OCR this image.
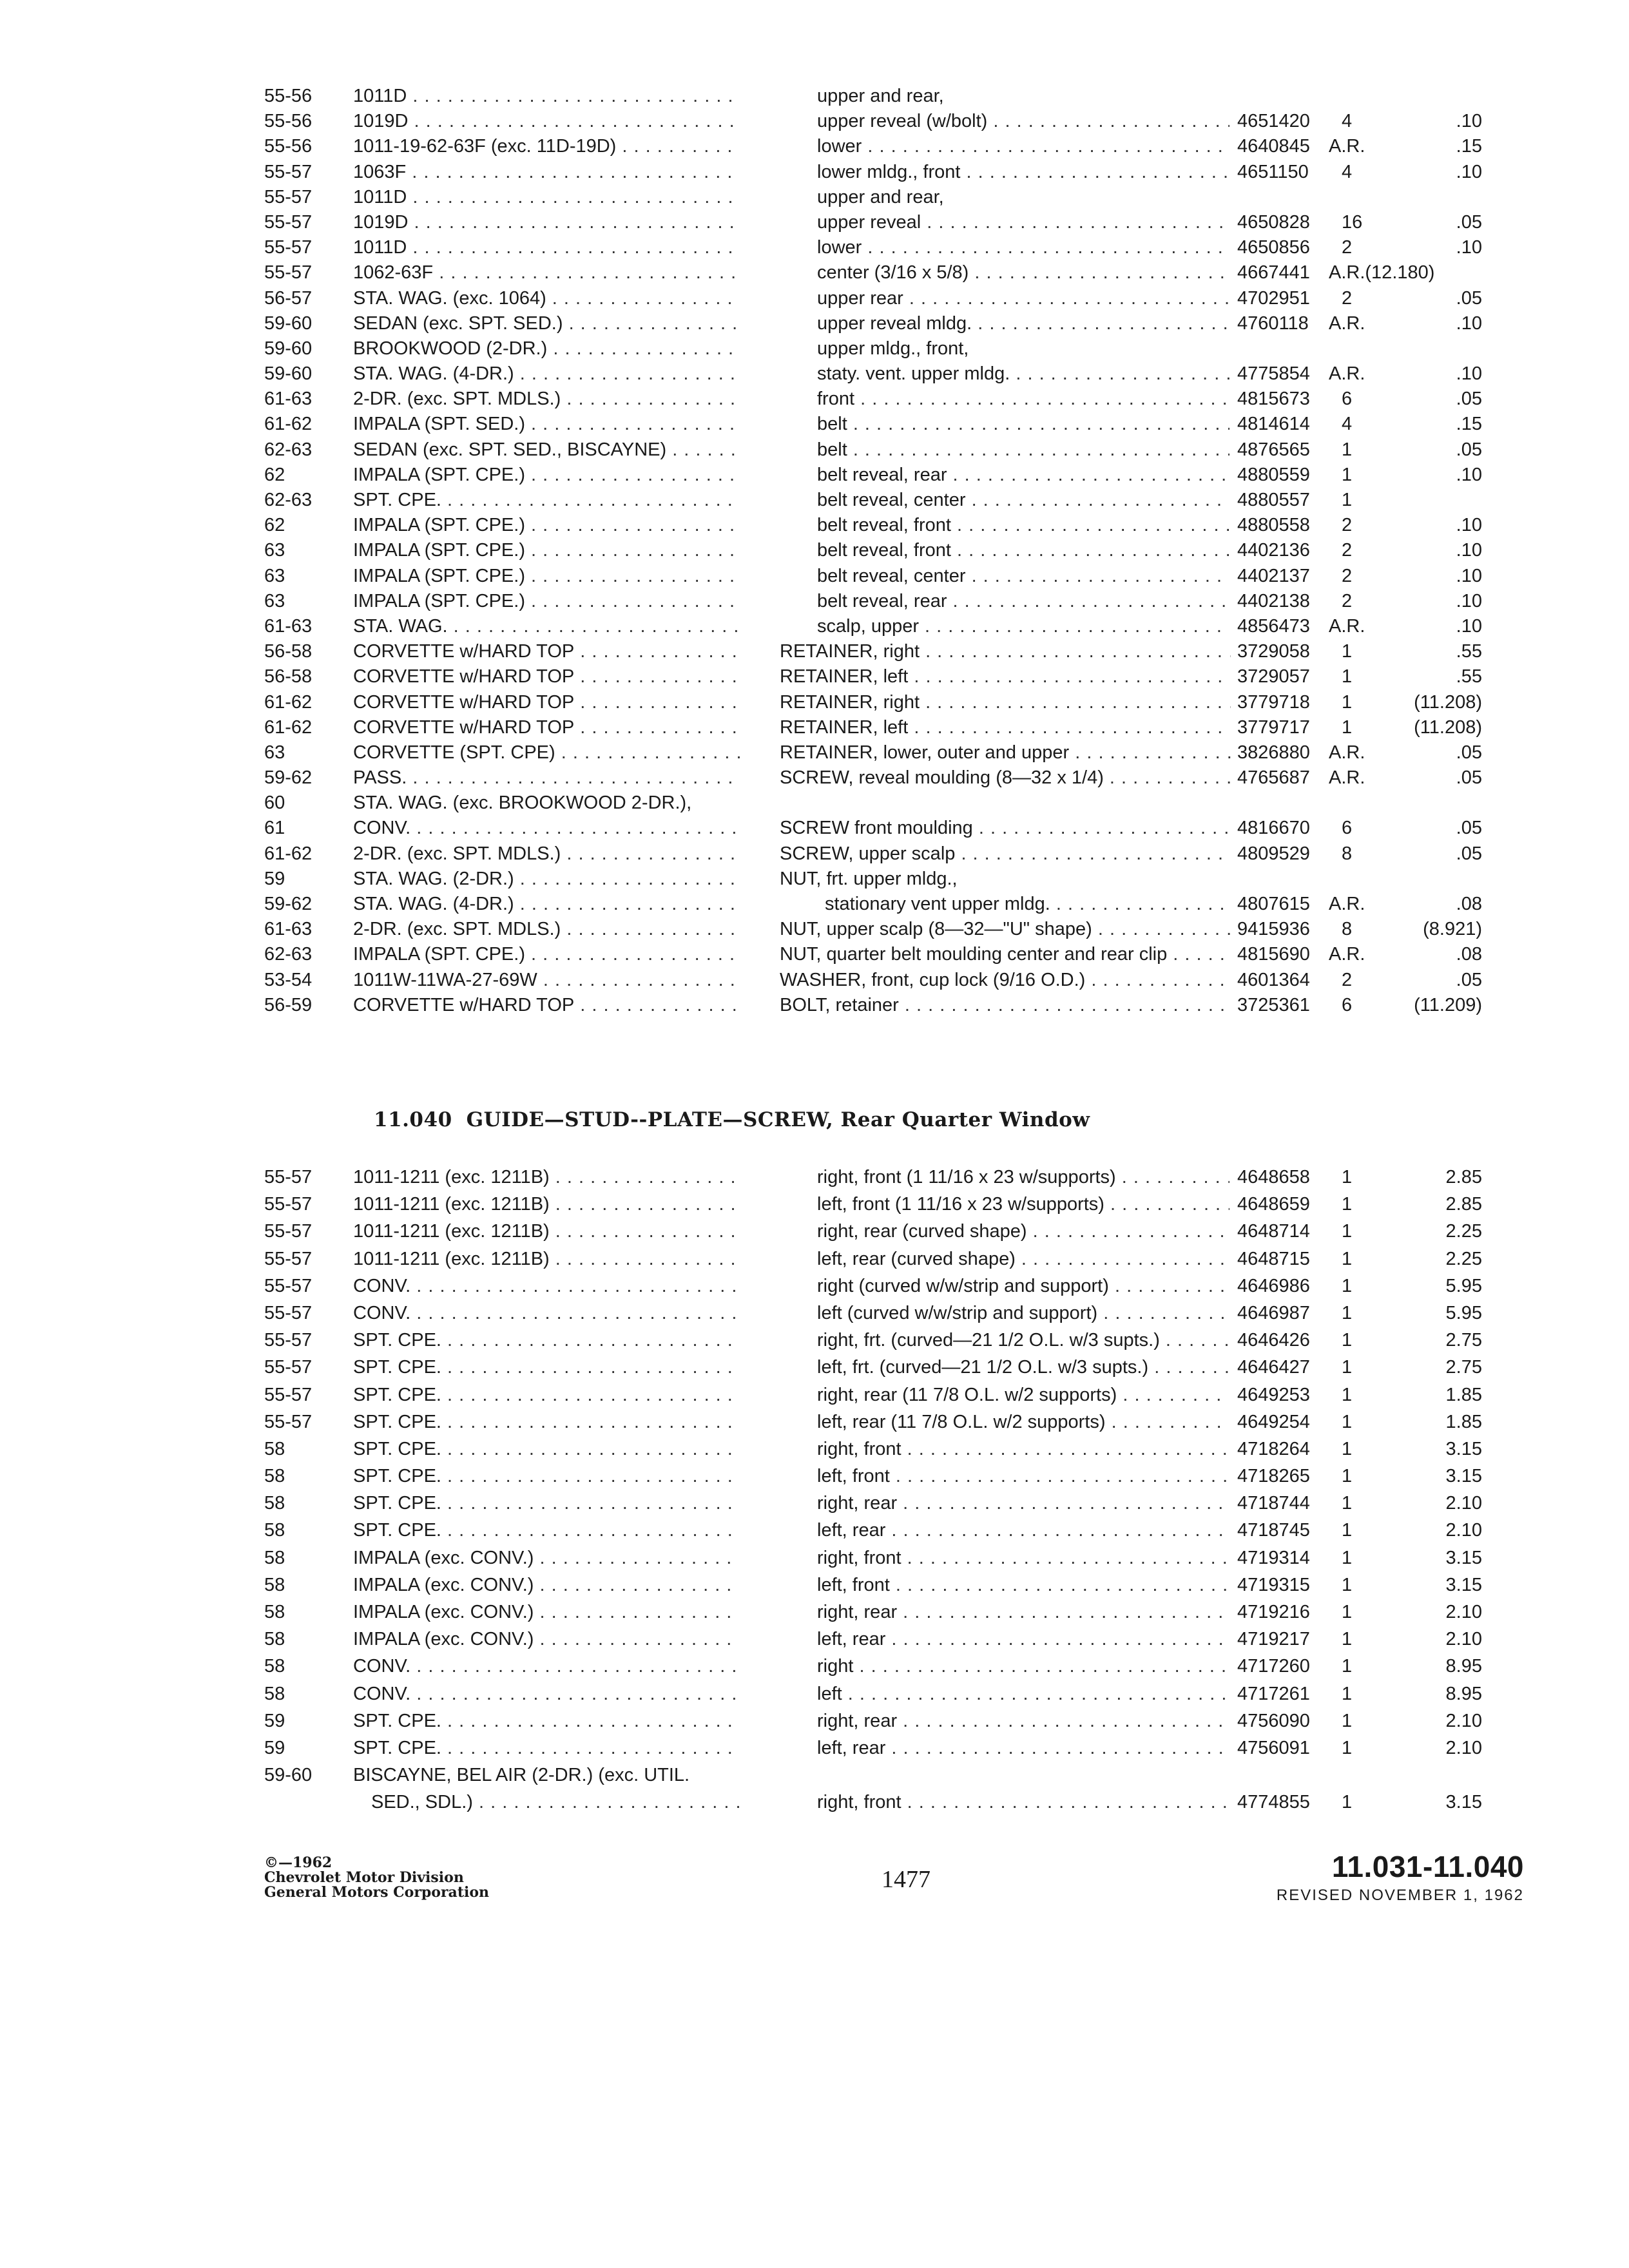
55-56 1011D . . .	upper and rear,
55-56 1019D . . .	upper reveal (w/bolt) . . .	4651420 4	.10
55-56 1011-19-62-63F (exc. 11D-19D) . . .	lower . . .	4640845 A.R.	.15
55-57 1063F . . .	lower mldg., front . . .	4651150 4	.10
55-57 1011D . . .	upper and rear,
55-57 1019D . . .	upper reveal . . .	4650828 16	.05
55-57 1011D . . .	lower . . .	4650856 2	.10
55-57 1062-63F . . .	center (3/16 x 5/8) . . .	4667441 A.R.(12.180)
56-57 STA. WAG. (exc. 1064) . . .	upper rear . . .	4702951 2	.05
59-60 SEDAN (exc. SPT. SED.) . . .	upper reveal mldg. . . .	4760118 A.R.	.10
59-60 BROOKWOOD (2-DR.) . . .	upper mldg., front,
59-60 STA. WAG. (4-DR.) . . .	staty. vent. upper mldg. . . .	4775854 A.R.	.10
61-63 2-DR. (exc. SPT. MDLS.) . . .	front . . .	4815673 6	.05
61-62 IMPALA (SPT. SED.) . . .	belt . . .	4814614 4	.15
62-63 SEDAN (exc. SPT. SED., BISCAYNE) . . .	belt . . .	4876565 1	.05
62	IMPALA (SPT. CPE.) . . .	belt reveal, rear . . .	4880559 1	.10
62-63 SPT. CPE. . . .	belt reveal, center . . .	4880557 1
62	IMPALA (SPT. CPE.) . . .	belt reveal, front . . .	4880558 2	.10
63	IMPALA (SPT. CPE.) . . .	belt reveal, front . . .	4402136 2	.10
63	IMPALA (SPT. CPE.) . . .	belt reveal, center . . .	4402137 2	.10
63	IMPALA (SPT. CPE.) . . .	belt reveal, rear . . .	4402138 2	.10
61-63 STA. WAG. . . .	scalp, upper . . .	4856473 A.R.	.10
56-58 CORVETTE w/HARD TOP . . .	RETAINER, right . . .	3729058 1	.55
56-58 CORVETTE w/HARD TOP . . .	RETAINER, left . . .	3729057 1	.55
61-62 CORVETTE w/HARD TOP . . .	RETAINER, right . . .	3779718 1	(11.208)
61-62 CORVETTE w/HARD TOP . . .	RETAINER, left . . .	3779717 1	(11.208)
63	CORVETTE (SPT. CPE) . . .	RETAINER, lower, outer and upper . . .	3826880 A.R.	.05
59-62 PASS. . . .	SCREW, reveal moulding (8—32 x 1/4) . . .	4765687 A.R.	.05
60	STA. WAG. (exc. BROOKWOOD 2-DR.),
61	CONV. . . .	SCREW front moulding . . .	4816670 6	.05
61-62 2-DR. (exc. SPT. MDLS.) . . .	SCREW, upper scalp . . .	4809529 8	.05
59	STA. WAG. (2-DR.) . . .	NUT, frt. upper mldg.,
59-62 STA. WAG. (4-DR.) . . .	stationary vent upper mldg. . . .	4807615 A.R.	.08
61-63 2-DR. (exc. SPT. MDLS.) . . .	NUT, upper scalp (8—32—"U" shape) . . .	9415936 8	(8.921)
62-63 IMPALA (SPT. CPE.) . . .	NUT, quarter belt moulding center and rear clip . . .	4815690 A.R.	.08
53-54 1011W-11WA-27-69W . . .	WASHER, front, cup lock (9/16 O.D.) . . .	4601364 2	.05
56-59 CORVETTE w/HARD TOP . . .	BOLT, retainer . . .	3725361 6	(11.209)
11.040 GUIDE—STUD--PLATE—SCREW, Rear Quarter Window
55-57 1011-1211 (exc. 1211B) . . .	right, front (1 11/16 x 23 w/supports) . . .	4648658 1	2.85
55-57 1011-1211 (exc. 1211B) . . .	left, front (1 11/16 x 23 w/supports) . . .	4648659 1	2.85
55-57 1011-1211 (exc. 1211B) . . .	right, rear (curved shape) . . .	4648714 1	2.25
55-57 1011-1211 (exc. 1211B) . . .	left, rear (curved shape) . . .	4648715 1	2.25
55-57 CONV. . . .	right (curved w/w/strip and support) . . .	4646986 1	5.95
55-57 CONV. . . .	left (curved w/w/strip and support) . . .	4646987 1	5.95
55-57 SPT. CPE. . . .	right, frt. (curved—21 1/2 O.L. w/3 supts.) . . .	4646426 1	2.75
55-57 SPT. CPE. . . .	left, frt. (curved—21 1/2 O.L. w/3 supts.) . . .	4646427 1	2.75
55-57 SPT. CPE. . . .	right, rear (11 7/8 O.L. w/2 supports) . . .	4649253 1	1.85
55-57 SPT. CPE. . . .	left, rear (11 7/8 O.L. w/2 supports) . . .	4649254 1	1.85
58	SPT. CPE. . . .	right, front . . .	4718264 1	3.15
58	SPT. CPE. . . .	left, front . . .	4718265 1	3.15
58	SPT. CPE. . . .	right, rear . . .	4718744 1	2.10
58	SPT. CPE. . . .	left, rear . . .	4718745 1	2.10
58	IMPALA (exc. CONV.) . . .	right, front . . .	4719314 1	3.15
58	IMPALA (exc. CONV.) . . .	left, front . . .	4719315 1	3.15
58	IMPALA (exc. CONV.) . . .	right, rear . . .	4719216 1	2.10
58	IMPALA (exc. CONV.) . . .	left, rear . . .	4719217 1	2.10
58	CONV. . . .	right . . .	4717260 1	8.95
58	CONV. . . .	left . . .	4717261 1	8.95
59	SPT. CPE. . . .	right, rear . . .	4756090 1	2.10
59	SPT. CPE. . . .	left, rear . . .	4756091 1	2.10
59-60 BISCAYNE, BEL AIR (2-DR.) (exc. UTIL.
SED., SDL.) . . .	right, front . . .	4774855 1	3.15
©—1962
Chevrolet Motor Division
General Motors Corporation	1477	11.031-11.040
REVISED NOVEMBER 1, 1962
